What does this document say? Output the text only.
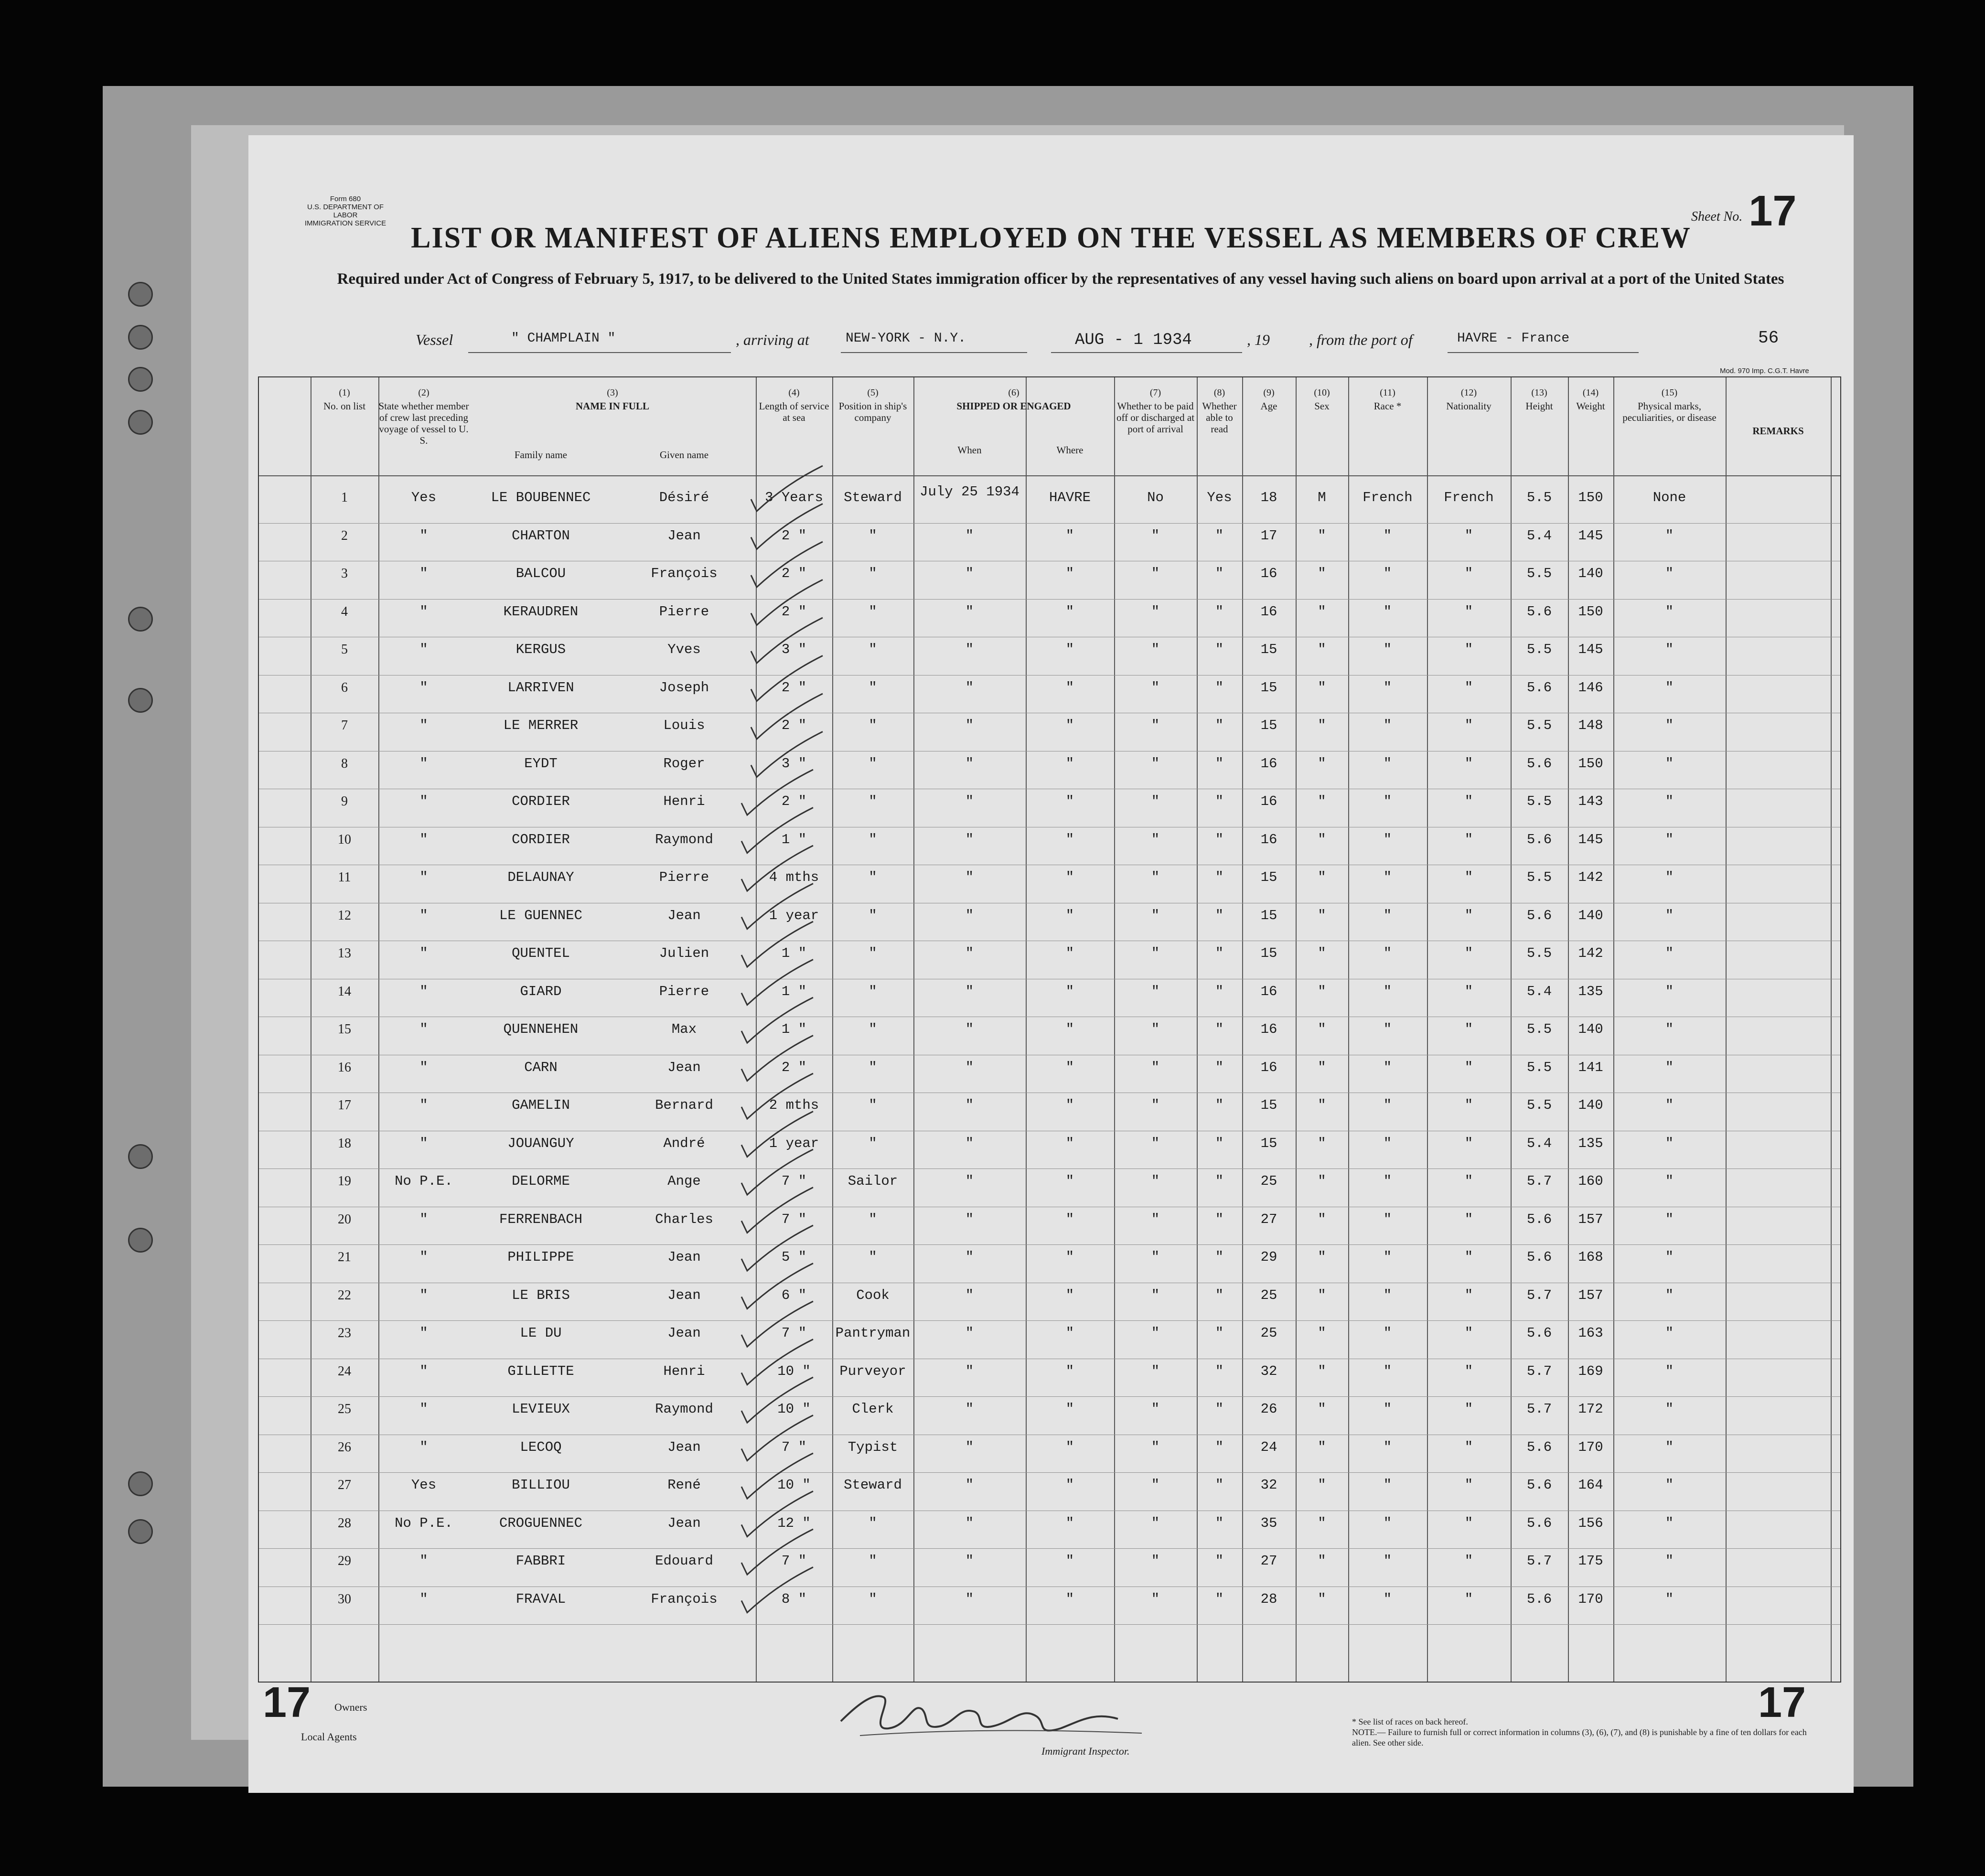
Form 680
U.S. DEPARTMENT OF LABOR
IMMIGRATION SERVICE	Sheet No. 17
LIST OR MANIFEST OF ALIENS EMPLOYED ON THE VESSEL AS MEMBERS OF CREW
Required under Act of Congress of February 5, 1917, to be delivered to the United States immigration officer by the representatives of any vessel having such aliens on board upon arrival at a port of the United States
Vessel	" CHAMPLAIN "	, arriving at	NEW-YORK - N.Y.	AUG - 1 1934	, 19	, from the port of	HAVRE - France	56
Mod. 970 Imp. C.G.T. Havre
(1)
No. on list
(2)
State whether member of crew last preceding voyage of vessel to U. S.
(3)
NAME IN FULL
Family name	Given name
(4)
Length of service at sea
(5)
Position in ship's company
(6)
SHIPPED OR ENGAGED
When	Where
(7)
Whether to be paid off or discharged at port of arrival
(8)
Whether able to read
(9)
Age
(10)
Sex
(11)
Race *
(12)
Nationality
(13)
Height
(14)
Weight
(15)
Physical marks, peculiarities, or disease
REMARKS
1	Yes	LE BOUBENNEC	Désiré	3 Years	Steward	July 25 1934	HAVRE	No	Yes	18	M	French	French	5.5	150	None
2	"	CHARTON	Jean	2 "	"	"	"	"	"	17	"	"	"	5.4	145	"
3	"	BALCOU	François	2 "	"	"	"	"	"	16	"	"	"	5.5	140	"
4	"	KERAUDREN	Pierre	2 "	"	"	"	"	"	16	"	"	"	5.6	150	"
5	"	KERGUS	Yves	3 "	"	"	"	"	"	15	"	"	"	5.5	145	"
6	"	LARRIVEN	Joseph	2 "	"	"	"	"	"	15	"	"	"	5.6	146	"
7	"	LE MERRER	Louis	2 "	"	"	"	"	"	15	"	"	"	5.5	148	"
8	"	EYDT	Roger	3 "	"	"	"	"	"	16	"	"	"	5.6	150	"
9	"	CORDIER	Henri	2 "	"	"	"	"	"	16	"	"	"	5.5	143	"
10	"	CORDIER	Raymond	1 "	"	"	"	"	"	16	"	"	"	5.6	145	"
11	"	DELAUNAY	Pierre	4 mths	"	"	"	"	"	15	"	"	"	5.5	142	"
12	"	LE GUENNEC	Jean	1 year	"	"	"	"	"	15	"	"	"	5.6	140	"
13	"	QUENTEL	Julien	1 "	"	"	"	"	"	15	"	"	"	5.5	142	"
14	"	GIARD	Pierre	1 "	"	"	"	"	"	16	"	"	"	5.4	135	"
15	"	QUENNEHEN	Max	1 "	"	"	"	"	"	16	"	"	"	5.5	140	"
16	"	CARN	Jean	2 "	"	"	"	"	"	16	"	"	"	5.5	141	"
17	"	GAMELIN	Bernard	2 mths	"	"	"	"	"	15	"	"	"	5.5	140	"
18	"	JOUANGUY	André	1 year	"	"	"	"	"	15	"	"	"	5.4	135	"
19	No P.E.	DELORME	Ange	7 "	Sailor	"	"	"	"	25	"	"	"	5.7	160	"
20	"	FERRENBACH	Charles	7 "	"	"	"	"	"	27	"	"	"	5.6	157	"
21	"	PHILIPPE	Jean	5 "	"	"	"	"	"	29	"	"	"	5.6	168	"
22	"	LE BRIS	Jean	6 "	Cook	"	"	"	"	25	"	"	"	5.7	157	"
23	"	LE DU	Jean	7 "	Pantryman	"	"	"	"	25	"	"	"	5.6	163	"
24	"	GILLETTE	Henri	10 "	Purveyor	"	"	"	"	32	"	"	"	5.7	169	"
25	"	LEVIEUX	Raymond	10 "	Clerk	"	"	"	"	26	"	"	"	5.7	172	"
26	"	LECOQ	Jean	7 "	Typist	"	"	"	"	24	"	"	"	5.6	170	"
27	Yes	BILLIOU	René	10 "	Steward	"	"	"	"	32	"	"	"	5.6	164	"
28	No P.E.	CROGUENNEC	Jean	12 "	"	"	"	"	"	35	"	"	"	5.6	156	"
29	"	FABBRI	Edouard	7 "	"	"	"	"	"	27	"	"	"	5.7	175	"
30	"	FRAVAL	François	8 "	"	"	"	"	"	28	"	"	"	5.6	170	"
17 Owners
Local Agents
Immigrant Inspector.
17
* See list of races on back hereof.
NOTE.— Failure to furnish full or correct information in columns (3), (6), (7), and (8) is punishable by a fine of ten dollars for each alien. See other side.
